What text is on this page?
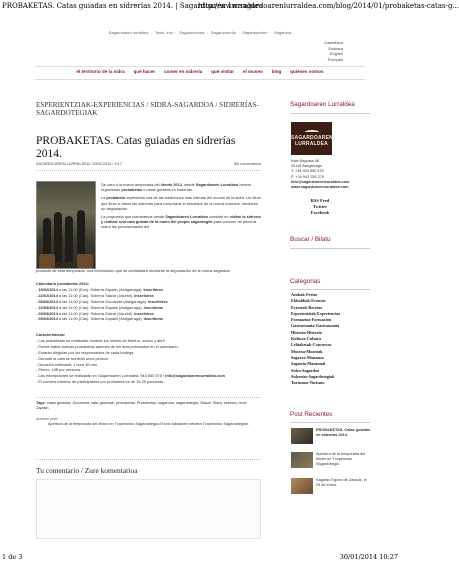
PROBAKETAS. Catas guiadas en sidrerías 2014. | Sagardoaren Lurraldea
http://www.sagardoarenlurraldea.com/blog/2014/01/probaketas-catas-g...
Sagardoaren lurraldea · Texts. info · Sagardoetxea · Sagardoendia · Sagardopedro · Sagardoa
Castellano
Euskara
English
Français
el territorio de la sidra · qué hacer · comer en sidrería · qué visitar · el museo · blog · quiénes somos
ESPERIENTZIAK-EXPERIENCIAS / SIDRA-SAGARDOA / SIDRERÍAS-SAGARDOTEGIAK
PROBAKETAS. Catas guiadas en sidrerías 2014.
SAGARDOAREN LURRALDEA / 30/01/2014 / 9:17	Sin comentarios

De cara a la nueva temporada del #txotx 2014, desde Sagardoaren Lurraldea hemos organizado probaketas o catas guiadas en sidrerías.

La probaketa representa una de las tradiciones más íntimas del mundo de la sidra. Un ritual que lleva a visitar las sidrerías para comprobar el resultado de la nueva cosecha, mediante su degustación.

La propuesta que planteamos desde Sagardoaren Lurraldea consiste en visitar la sidrería y realizar una cata guiada de la mano del propio sagardogile para conocer de primera mano las peculiaridades del

producto de esta temporada, una información que se contrastará mediante la degustación de la nueva sagardoa.
Calendario probaketas 2014:
- 15/02/2014 a las 11:00 (Eus): Sidrería Zapiain (Astigarraga). Inscribirse
- 22/02/2014 a las 11:00 (Cas): Sidrería Saizar (Usurbil). Inscribirse
- 08/03/2014 a las 11:00 (Cas): Sidrería Gurutzeta (Astigarraga). Inscribirse
- 22/03/2014 a las 11:00 (Cas): Sidrería Zapiain (Astigarraga). Inscribirse
- 29/03/2014 a las 11:00 (Cas): Sidrería Saizar (Usurbil). Inscribirse
- 05/04/2014 a las 11:00 (Cas): Sidrería Zapiain (Astigarraga). Inscribirse
Características:
- Las probaketas se realizarán durante los meses de febrero, marzo y abril.
- Puede haber nuevas probaketas además de los días publicados en el calendario.
- Estarán dirigidas por los responsables de cada bodega.
- Durante la cata se servirán unos pintxos.
- Duración estimada: 1 hora 30 min.
- Precio: 10€ por persona.
- Las inscripciones se realizarán en Sagardoaren Lurraldea: 943 550 575 / info@sagardoarenlurraldea.com
- El número máximo de participantes por probaketa es de 15-20 personas.
Tags: catas guiadas, Gurutzeta, kata gidatuak, probaketak, Probaketas, sagardoa, sagardotegia, Saizar, Sidra, sidrería, txotx, Zapiain
Anterior post
Apertura de la temporada del #txotx en Txopinondo Sagardotegia.#Txotx tokialaren irekiera Txopinondo Sagardotegian.
Tu comentario / Zure komentarioa
Sagardoaren Lurraldea
SAGARDOAREN
LURRALDEA
Kale Nagusia 48
20115 Astigarraga
T: +34 943 550 575
F: +34 943 335 279
info@sagardoarenlurraldea.com
www.sagardoarenlurraldea.com
RSS Feed
Twitter
Facebook
Buscar / Bilatu
Categorias
Azokak-Ferias
Ekitaldiak-Eventos
Erreztak-Recetas
Esperientziak-Experiencias
Formazioa-Formación
Gastronomia-Gastronomía
Historia-Historia
Kultura-Cultura
Lehiaketak-Concursos
Museoa-Museoak
Sagarra-Manzana
Sagastia-Manzanal
Sidra-Sagardoa
Sidrerías-Sagardotegiak
Turismoa-Turismo
Post Recientes
PROBAKETAS. Catas guiadas en sidrerías 2014.
Apertura de la temporada del #txotx en Txopinondo Sagardotegia.
Sagardo Egona de Zarautz, el 25 de enero.
1 de 3	30/01/2014 10:27
